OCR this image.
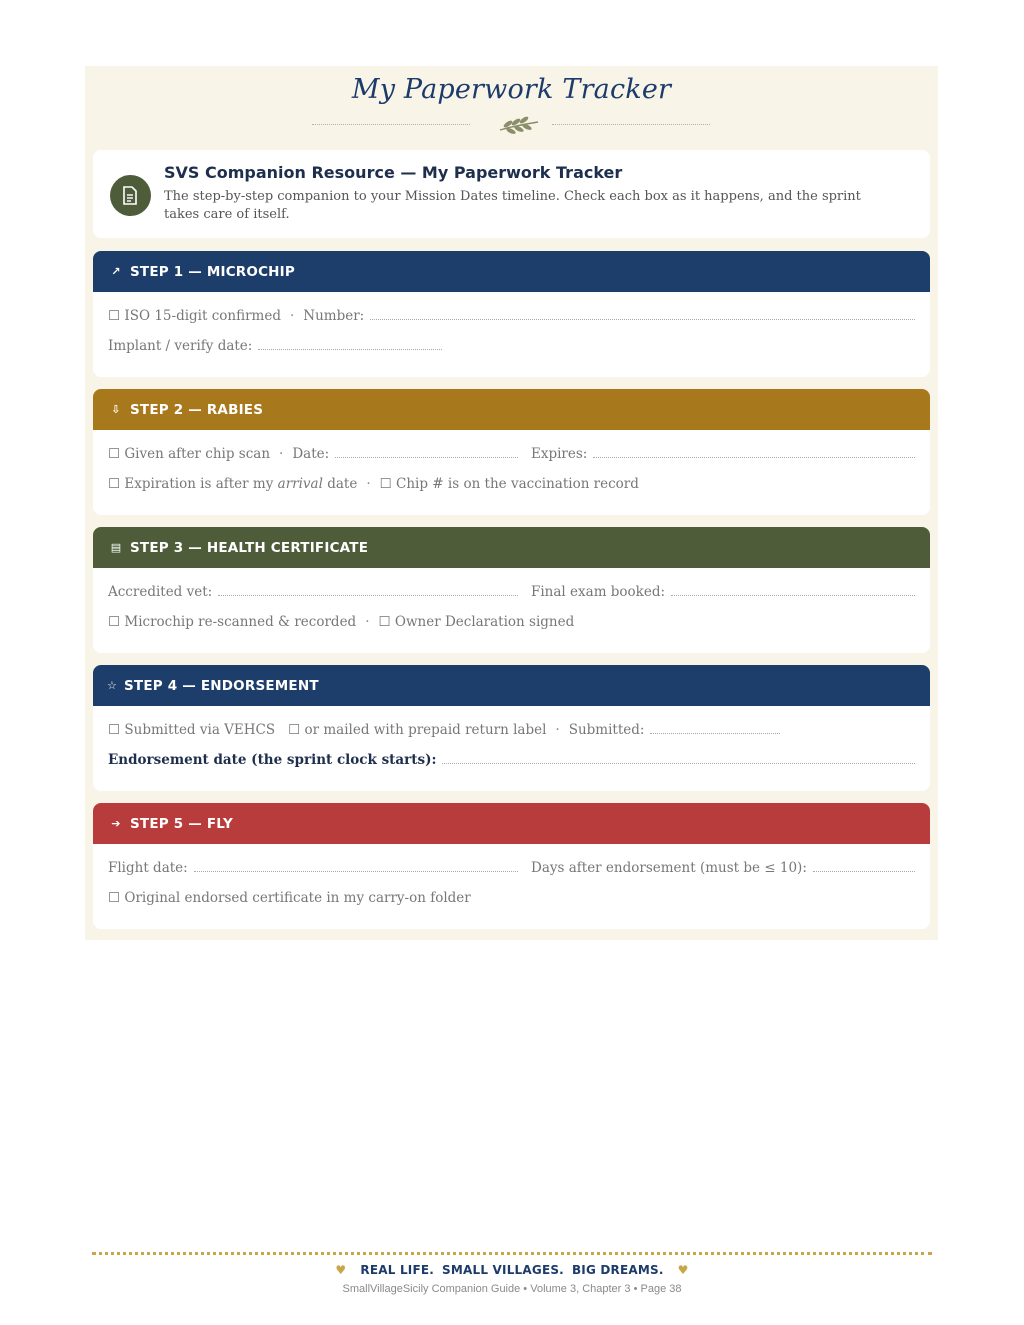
My Paperwork Tracker
SVS Companion Resource — My Paperwork Tracker
The step-by-step companion to your Mission Dates timeline. Check each box as it happens, and the sprint takes care of itself.
↗ STEP 1 — MICROCHIP
☐ ISO 15-digit confirmed · Number:
Implant / verify date:
⇩ STEP 2 — RABIES
☐ Given after chip scan · Date:	Expires:
☐ Expiration is after my arrival date · ☐ Chip # is on the vaccination record
▤ STEP 3 — HEALTH CERTIFICATE
Accredited vet:	Final exam booked:
☐ Microchip re-scanned & recorded · ☐ Owner Declaration signed
☆ STEP 4 — ENDORSEMENT
☐ Submitted via VEHCS ☐ or mailed with prepaid return label · Submitted:
Endorsement date (the sprint clock starts):
➔ STEP 5 — FLY
Flight date:	Days after endorsement (must be ≤ 10):
☐ Original endorsed certificate in my carry-on folder
♥ REAL LIFE. SMALL VILLAGES. BIG DREAMS. ♥
SmallVillageSicily Companion Guide • Volume 3, Chapter 3 • Page 38
